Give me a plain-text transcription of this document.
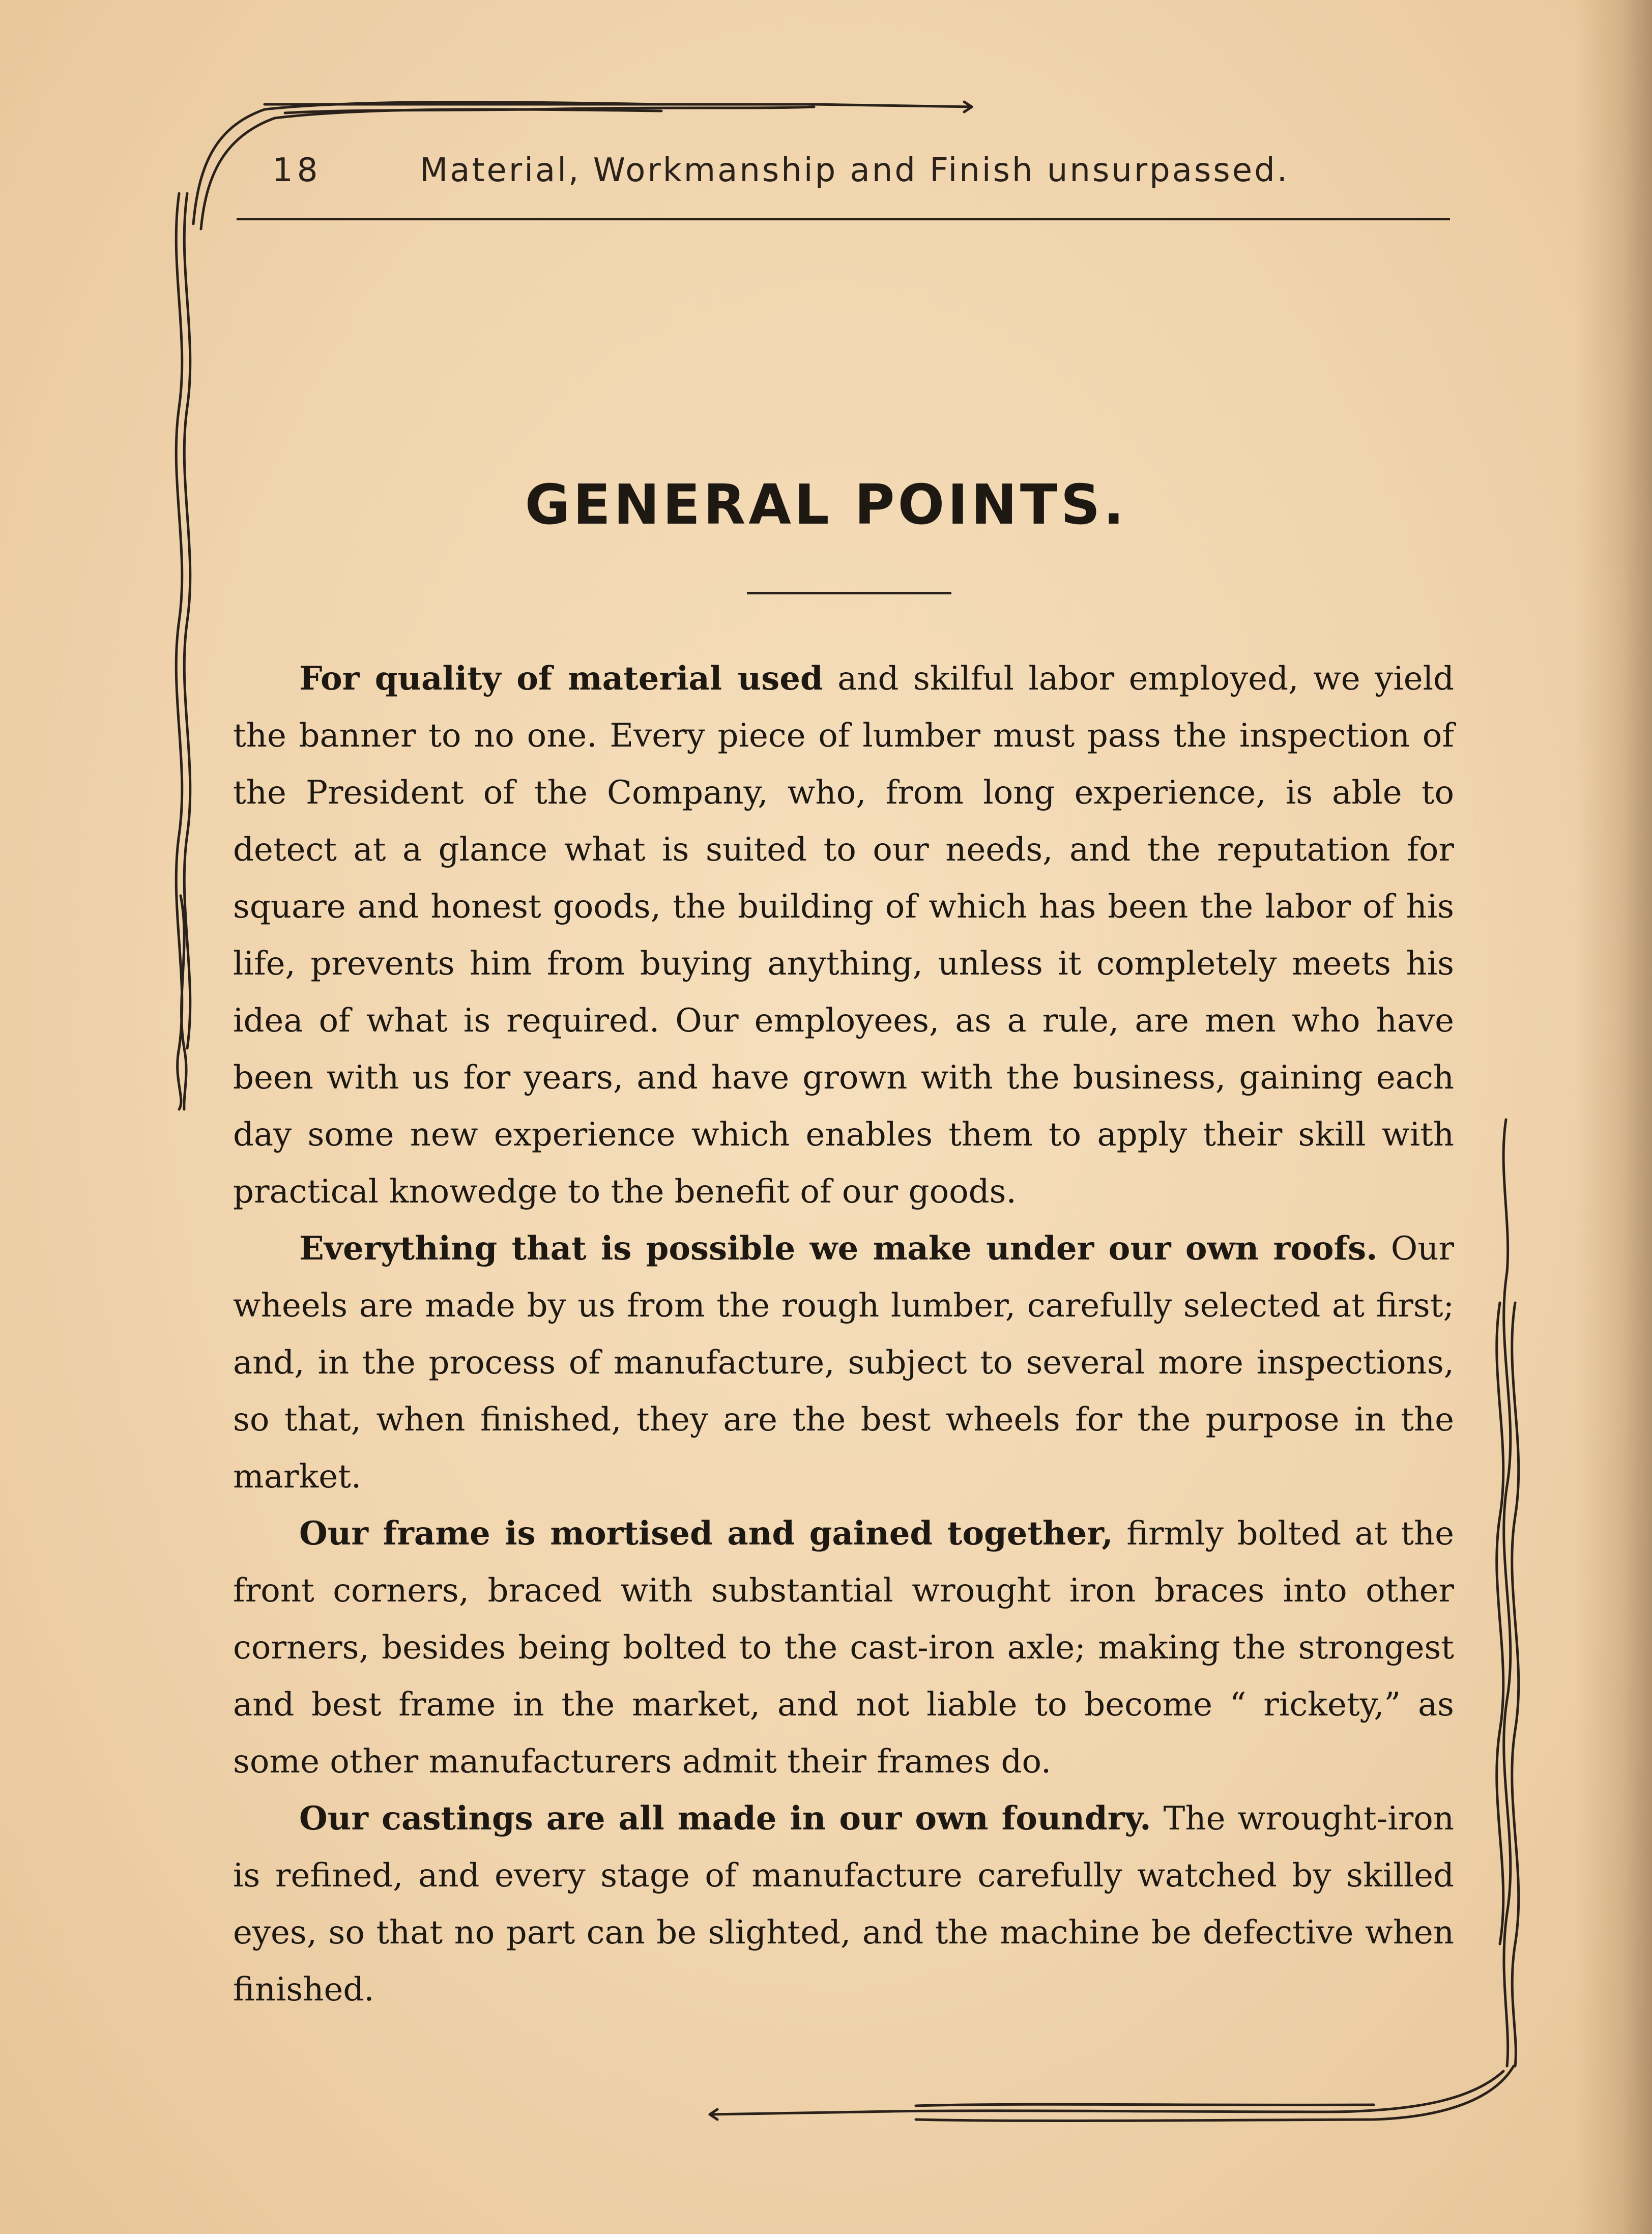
18	Material, Workmanship and Finish unsurpassed.
GENERAL POINTS.

For quality of material used and skilful labor employed, we yield the banner to no one. Every piece of lumber must pass the inspection of the President of the Company, who, from long experience, is able to detect at a glance what is suited to our needs, and the reputation for square and honest goods, the building of which has been the labor of his life, prevents him from buying anything, unless it completely meets his idea of what is required. Our employees, as a rule, are men who have been with us for years, and have grown with the business, gaining each day some new experience which enables them to apply their skill with practical knowedge to the benefit of our goods.

Everything that is possible we make under our own roofs. Our wheels are made by us from the rough lumber, carefully selected at first; and, in the process of manufacture, subject to several more inspections, so that, when finished, they are the best wheels for the purpose in the market.

Our frame is mortised and gained together, firmly bolted at the front corners, braced with substantial wrought iron braces into other corners, besides being bolted to the cast-iron axle; making the strongest and best frame in the market, and not liable to become “ rickety,” as some other manufacturers admit their frames do.

Our castings are all made in our own foundry. The wrought-iron is refined, and every stage of manufacture carefully watched by skilled eyes, so that no part can be slighted, and the machine be defective when finished.
